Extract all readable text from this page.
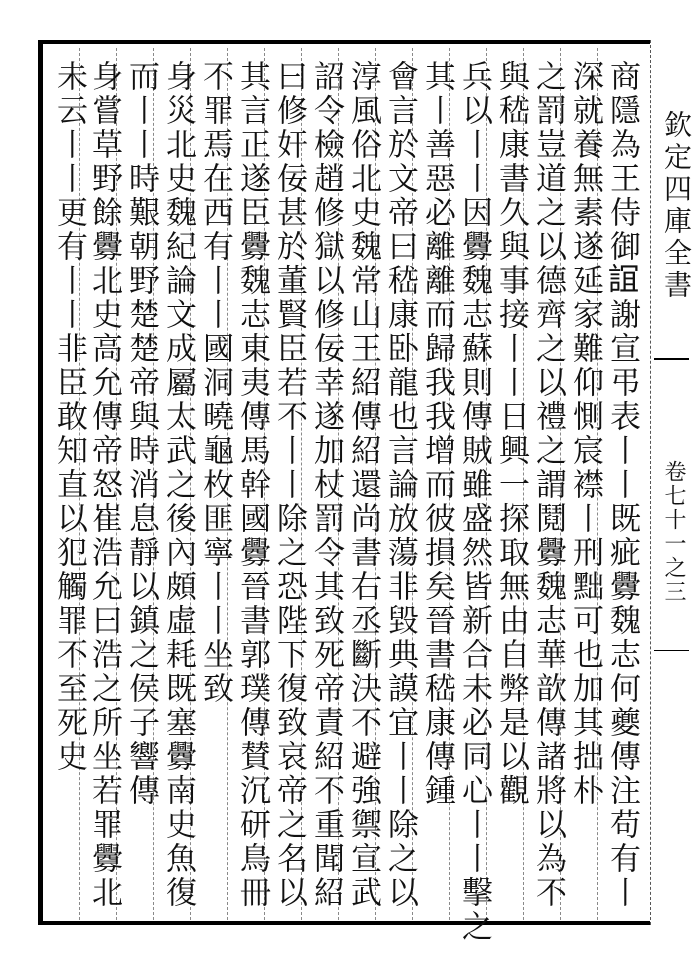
欽定四庫全書
卷七十一之三
商隱為王侍御𧨏謝宣弔表丨丨既疵釁魏志何夔傳注苟有丨
深就養無素遂延家難仰惻宸襟丨刑黜可也加其拙朴
之罰豈道之以德齊之以禮之謂鬩釁魏志華歆傳諸將以為不
與嵇康書久與事接丨丨日興一探取無由自弊是以觀
兵以丨丨因釁魏志蘇則傳賊雖盛然皆新合未必同心丨丨擊之
其丨善惡必離離而歸我我增而彼損矣晉書嵇康傳鍾
會言於文帝曰嵇康卧龍也言論放蕩非毀典謨宜丨丨除之以
淳風俗北史魏常山王紹傳紹還尚書右丞斷決不避強禦宣武
詔令檢趙修獄以修佞幸遂加杖罰令其致死帝責紹不重聞紹
曰修奸佞甚於董賢臣若不丨丨除之恐陛下復致哀帝之名以
其言正遂臣釁魏志東夷傳馬幹國釁晉書郭璞傳賛沉研鳥冊
不罪焉在西有丨丨國洞曉龜枚匪寧丨丨坐致
身災北史魏紀論文成屬太武之後內頗虛耗既塞釁南史魚復
而丨丨時艱朝野楚楚帝與時消息靜以鎮之侯子響傳
身嘗草野餘釁北史高允傳帝怒崔浩允曰浩之所坐若罪釁北
未云丨丨更有丨丨非臣敢知直以犯觸罪不至死史
